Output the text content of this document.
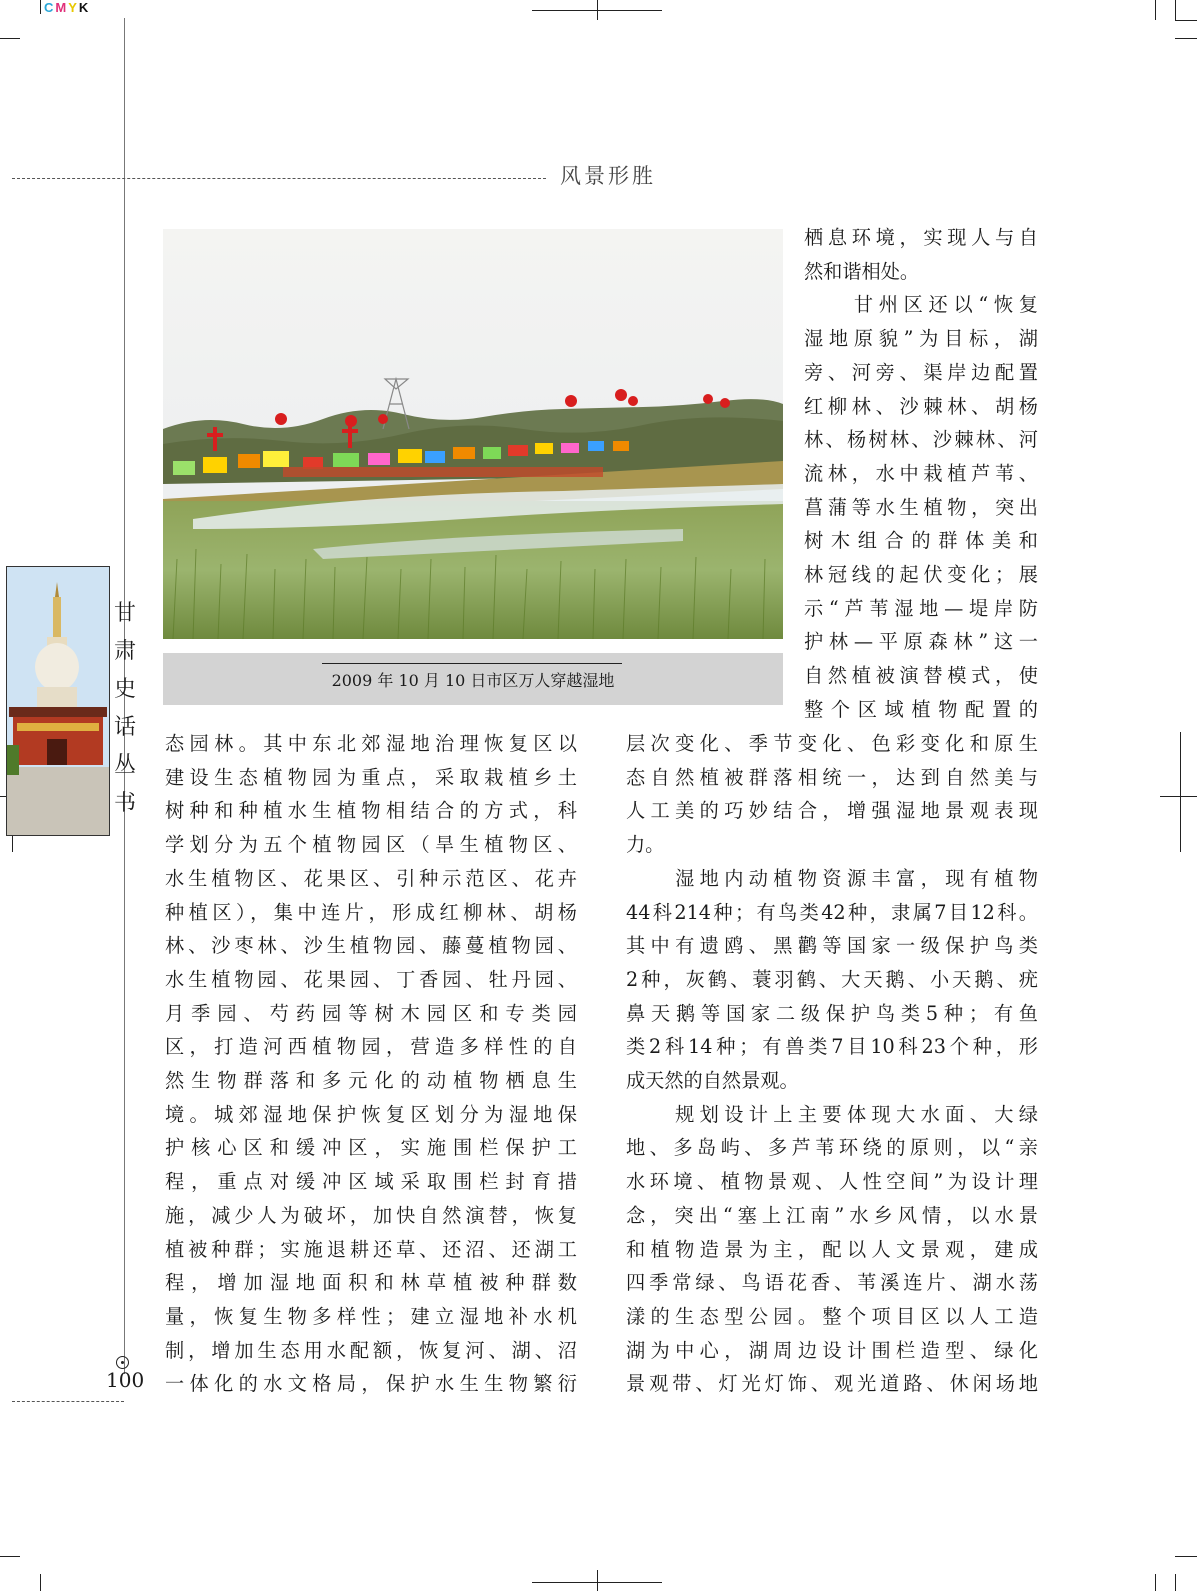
CMYK
风景形胜
2009 年 10 月 10 日市区万人穿越湿地
甘
肃
史
话
丛
书
100

栖息环境，实现人与自

然和谐相处。

　　甘州区还以“恢复

湿地原貌”为目标，湖

旁、河旁、渠岸边配置

红柳林、沙棘林、胡杨

林、杨树林、沙棘林、河

流林，水中栽植芦苇、

菖蒲等水生植物，突出

树木组合的群体美和

林冠线的起伏变化；展

示“芦苇湿地—堤岸防

护林—平原森林”这一

自然植被演替模式，使

整个区域植物配置的

层次变化、季节变化、色彩变化和原生

态自然植被群落相统一，达到自然美与

人工美的巧妙结合，增强湿地景观表现

力。

　　湿地内动植物资源丰富，现有植物

44科214种；有鸟类42种，隶属7目12科。

其中有遗鸥、黑鹳等国家一级保护鸟类

2种，灰鹤、蓑羽鹤、大天鹅、小天鹅、疣

鼻天鹅等国家二级保护鸟类5种；有鱼

类2科14种；有兽类7目10科23个种，形

成天然的自然景观。

　　规划设计上主要体现大水面、大绿

地、多岛屿、多芦苇环绕的原则，以“亲

水环境、植物景观、人性空间”为设计理

念，突出“塞上江南”水乡风情，以水景

和植物造景为主，配以人文景观，建成

四季常绿、鸟语花香、苇溪连片、湖水荡

漾的生态型公园。整个项目区以人工造

湖为中心，湖周边设计围栏造型、绿化

景观带、灯光灯饰、观光道路、休闲场地

态园林。其中东北郊湿地治理恢复区以

建设生态植物园为重点，采取栽植乡土

树种和种植水生植物相结合的方式，科

学划分为五个植物园区（旱生植物区、

水生植物区、花果区、引种示范区、花卉

种植区），集中连片，形成红柳林、胡杨

林、沙枣林、沙生植物园、藤蔓植物园、

水生植物园、花果园、丁香园、牡丹园、

月季园、芍药园等树木园区和专类园

区，打造河西植物园，营造多样性的自

然生物群落和多元化的动植物栖息生

境。城郊湿地保护恢复区划分为湿地保

护核心区和缓冲区，实施围栏保护工

程，重点对缓冲区域采取围栏封育措

施，减少人为破坏，加快自然演替，恢复

植被种群；实施退耕还草、还沼、还湖工

程，增加湿地面积和林草植被种群数

量，恢复生物多样性；建立湿地补水机

制，增加生态用水配额，恢复河、湖、沼

一体化的水文格局，保护水生生物繁衍
